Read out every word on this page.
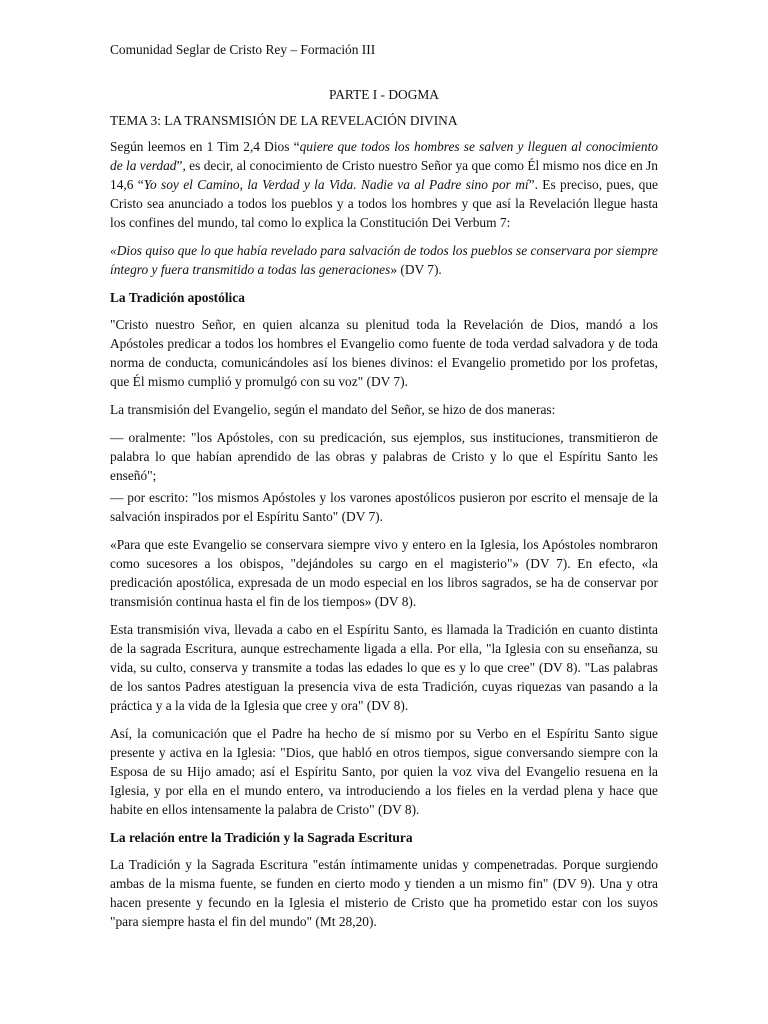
Comunidad Seglar de Cristo Rey – Formación III

PARTE I - DOGMA

TEMA 3: LA TRANSMISIÓN DE LA REVELACIÓN DIVINA

Según leemos en 1 Tim 2,4 Dios “quiere que todos los hombres se salven y lleguen al conocimiento de la verdad”, es decir, al conocimiento de Cristo nuestro Señor ya que como Él mismo nos dice en Jn 14,6 “Yo soy el Camino, la Verdad y la Vida. Nadie va al Padre sino por mí”. Es preciso, pues, que Cristo sea anunciado a todos los pueblos y a todos los hombres y que así la Revelación llegue hasta los confines del mundo, tal como lo explica la Constitución Dei Verbum 7:

«Dios quiso que lo que había revelado para salvación de todos los pueblos se conservara por siempre íntegro y fuera transmitido a todas las generaciones» (DV 7).

La Tradición apostólica

"Cristo nuestro Señor, en quien alcanza su plenitud toda la Revelación de Dios, mandó a los Apóstoles predicar a todos los hombres el Evangelio como fuente de toda verdad salvadora y de toda norma de conducta, comunicándoles así los bienes divinos: el Evangelio prometido por los profetas, que Él mismo cumplió y promulgó con su voz" (DV 7).

La transmisión del Evangelio, según el mandato del Señor, se hizo de dos maneras:

— oralmente: "los Apóstoles, con su predicación, sus ejemplos, sus instituciones, transmitieron de palabra lo que habían aprendido de las obras y palabras de Cristo y lo que el Espíritu Santo les enseñó";

— por escrito: "los mismos Apóstoles y los varones apostólicos pusieron por escrito el mensaje de la salvación inspirados por el Espíritu Santo" (DV 7).

«Para que este Evangelio se conservara siempre vivo y entero en la Iglesia, los Apóstoles nombraron como sucesores a los obispos, "dejándoles su cargo en el magisterio"» (DV 7). En efecto, «la predicación apostólica, expresada de un modo especial en los libros sagrados, se ha de conservar por transmisión continua hasta el fin de los tiempos» (DV 8).

Esta transmisión viva, llevada a cabo en el Espíritu Santo, es llamada la Tradición en cuanto distinta de la sagrada Escritura, aunque estrechamente ligada a ella. Por ella, "la Iglesia con su enseñanza, su vida, su culto, conserva y transmite a todas las edades lo que es y lo que cree" (DV 8). "Las palabras de los santos Padres atestiguan la presencia viva de esta Tradición, cuyas riquezas van pasando a la práctica y a la vida de la Iglesia que cree y ora" (DV 8).

Así, la comunicación que el Padre ha hecho de sí mismo por su Verbo en el Espíritu Santo sigue presente y activa en la Iglesia: "Dios, que habló en otros tiempos, sigue conversando siempre con la Esposa de su Hijo amado; así el Espíritu Santo, por quien la voz viva del Evangelio resuena en la Iglesia, y por ella en el mundo entero, va introduciendo a los fieles en la verdad plena y hace que habite en ellos intensamente la palabra de Cristo" (DV 8).

La relación entre la Tradición y la Sagrada Escritura

La Tradición y la Sagrada Escritura "están íntimamente unidas y compenetradas. Porque surgiendo ambas de la misma fuente, se funden en cierto modo y tienden a un mismo fin" (DV 9). Una y otra hacen presente y fecundo en la Iglesia el misterio de Cristo que ha prometido estar con los suyos "para siempre hasta el fin del mundo" (Mt 28,20).
